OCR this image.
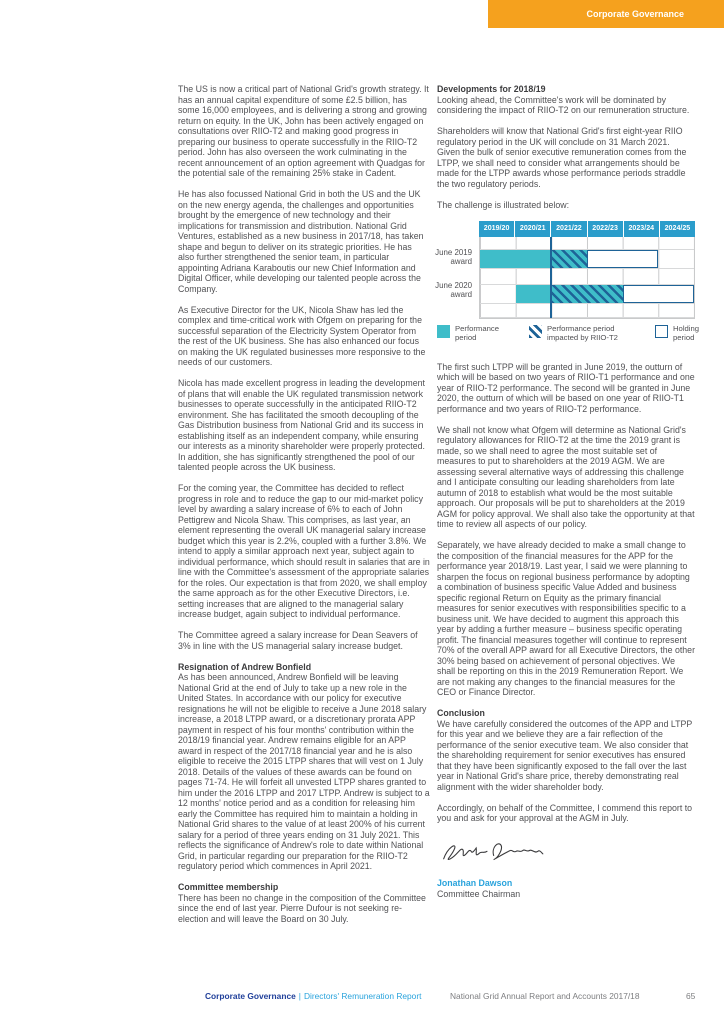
Corporate Governance

The US is now a critical part of National Grid's growth strategy. It has an annual capital expenditure of some £2.5 billion, has some 16,000 employees, and is delivering a strong and growing return on equity. In the UK, John has been actively engaged on consultations over RIIO-T2 and making good progress in preparing our business to operate successfully in the RIIO-T2 period. John has also overseen the work culminating in the recent announcement of an option agreement with Quadgas for the potential sale of the remaining 25% stake in Cadent.

He has also focussed National Grid in both the US and the UK on the new energy agenda, the challenges and opportunities brought by the emergence of new technology and their implications for transmission and distribution. National Grid Ventures, established as a new business in 2017/18, has taken shape and begun to deliver on its strategic priorities. He has also further strengthened the senior team, in particular appointing Adriana Karaboutis our new Chief Information and Digital Officer, while developing our talented people across the Company.

As Executive Director for the UK, Nicola Shaw has led the complex and time-critical work with Ofgem on preparing for the successful separation of the Electricity System Operator from the rest of the UK business. She has also enhanced our focus on making the UK regulated businesses more responsive to the needs of our customers.

Nicola has made excellent progress in leading the development of plans that will enable the UK regulated transmission network businesses to operate successfully in the anticipated RIIO-T2 environment. She has facilitated the smooth decoupling of the Gas Distribution business from National Grid and its success in establishing itself as an independent company, while ensuring our interests as a minority shareholder were properly protected. In addition, she has significantly strengthened the pool of our talented people across the UK business.

For the coming year, the Committee has decided to reflect progress in role and to reduce the gap to our mid-market policy level by awarding a salary increase of 6% to each of John Pettigrew and Nicola Shaw. This comprises, as last year, an element representing the overall UK managerial salary increase budget which this year is 2.2%, coupled with a further 3.8%. We intend to apply a similar approach next year, subject again to individual performance, which should result in salaries that are in line with the Committee's assessment of the appropriate salaries for the roles. Our expectation is that from 2020, we shall employ the same approach as for the other Executive Directors, i.e. setting increases that are aligned to the managerial salary increase budget, again subject to individual performance.

The Committee agreed a salary increase for Dean Seavers of 3% in line with the US managerial salary increase budget.

Resignation of Andrew Bonfield

As has been announced, Andrew Bonfield will be leaving National Grid at the end of July to take up a new role in the United States. In accordance with our policy for executive resignations he will not be eligible to receive a June 2018 salary increase, a 2018 LTPP award, or a discretionary prorata APP payment in respect of his four months' contribution within the 2018/19 financial year. Andrew remains eligible for an APP award in respect of the 2017/18 financial year and he is also eligible to receive the 2015 LTPP shares that will vest on 1 July 2018. Details of the values of these awards can be found on pages 71-74. He will forfeit all unvested LTPP shares granted to him under the 2016 LTPP and 2017 LTPP. Andrew is subject to a 12 months' notice period and as a condition for releasing him early the Committee has required him to maintain a holding in National Grid shares to the value of at least 200% of his current salary for a period of three years ending on 31 July 2021. This reflects the significance of Andrew's role to date within National Grid, in particular regarding our preparation for the RIIO-T2 regulatory period which commences in April 2021.

Committee membership

There has been no change in the composition of the Committee since the end of last year. Pierre Dufour is not seeking re-election and will leave the Board on 30 July.

Developments for 2018/19

Looking ahead, the Committee's work will be dominated by considering the impact of RIIO-T2 on our remuneration structure.

Shareholders will know that National Grid's first eight-year RIIO regulatory period in the UK will conclude on 31 March 2021. Given the bulk of senior executive remuneration comes from the LTPP, we shall need to consider what arrangements should be made for the LTPP awards whose performance periods straddle the two regulatory periods.

The challenge is illustrated below:

June 2019 award
June 2020 award
2019/20	2020/21	2021/22	2022/23	2023/24	2024/25
Performance period
Performance period impacted by RIIO-T2
Holding period

The first such LTPP will be granted in June 2019, the outturn of which will be based on two years of RIIO-T1 performance and one year of RIIO-T2 performance. The second will be granted in June 2020, the outturn of which will be based on one year of RIIO-T1 performance and two years of RIIO-T2 performance.

We shall not know what Ofgem will determine as National Grid's regulatory allowances for RIIO-T2 at the time the 2019 grant is made, so we shall need to agree the most suitable set of measures to put to shareholders at the 2019 AGM. We are assessing several alternative ways of addressing this challenge and I anticipate consulting our leading shareholders from late autumn of 2018 to establish what would be the most suitable approach. Our proposals will be put to shareholders at the 2019 AGM for policy approval. We shall also take the opportunity at that time to review all aspects of our policy.

Separately, we have already decided to make a small change to the composition of the financial measures for the APP for the performance year 2018/19. Last year, I said we were planning to sharpen the focus on regional business performance by adopting a combination of business specific Value Added and business specific regional Return on Equity as the primary financial measures for senior executives with responsibilities specific to a business unit. We have decided to augment this approach this year by adding a further measure – business specific operating profit. The financial measures together will continue to represent 70% of the overall APP award for all Executive Directors, the other 30% being based on achievement of personal objectives. We shall be reporting on this in the 2019 Remuneration Report. We are not making any changes to the financial measures for the CEO or Finance Director.

Conclusion

We have carefully considered the outcomes of the APP and LTPP for this year and we believe they are a fair reflection of the performance of the senior executive team. We also consider that the shareholding requirement for senior executives has ensured that they have been significantly exposed to the fall over the last year in National Grid's share price, thereby demonstrating real alignment with the wider shareholder body.

Accordingly, on behalf of the Committee, I commend this report to you and ask for your approval at the AGM in July.

Jonathan Dawson
Committee Chairman
Corporate Governance | Directors' Remuneration Report	National Grid Annual Report and Accounts 2017/18	65
